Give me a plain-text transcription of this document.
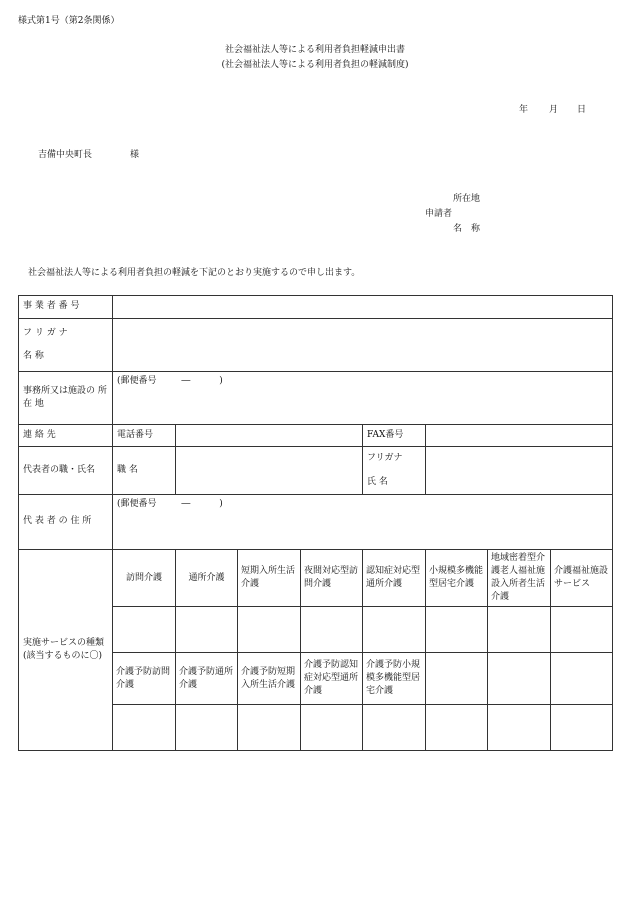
様式第1号（第2条関係）
社会福祉法人等による利用者負担軽減申出書
(社会福祉法人等による利用者負担の軽減制度)
年 月 日
吉備中央町長	様
所在地
申請者
名　称
社会福祉法人等による利用者負担の軽減を下記のとおり実施するので申し出ます。
事 業 者 番 号								

フ リ ガ ナ
名 称								

事務所又は施設の 所 在 地	(郵便番号 ― )							
連 絡 先	電話番号				FAX番号			
代表者の職・氏名	職 名				フリガナ
氏 名			

代 表 者 の 住 所	(郵便番号 ― )							
実施サービスの種類(該当するものに〇)	訪問介護	通所介護	短期入所生活介護	夜間対応型訪問介護	認知症対応型通所介護	小規模多機能型居宅介護	地域密着型介護老人福祉施設入所者生活介護	介護福祉施設サービス

	介護予防訪問介護	介護予防通所介護	介護予防短期入所生活介護	介護予防認知症対応型通所介護	介護予防小規模多機能型居宅介護			
